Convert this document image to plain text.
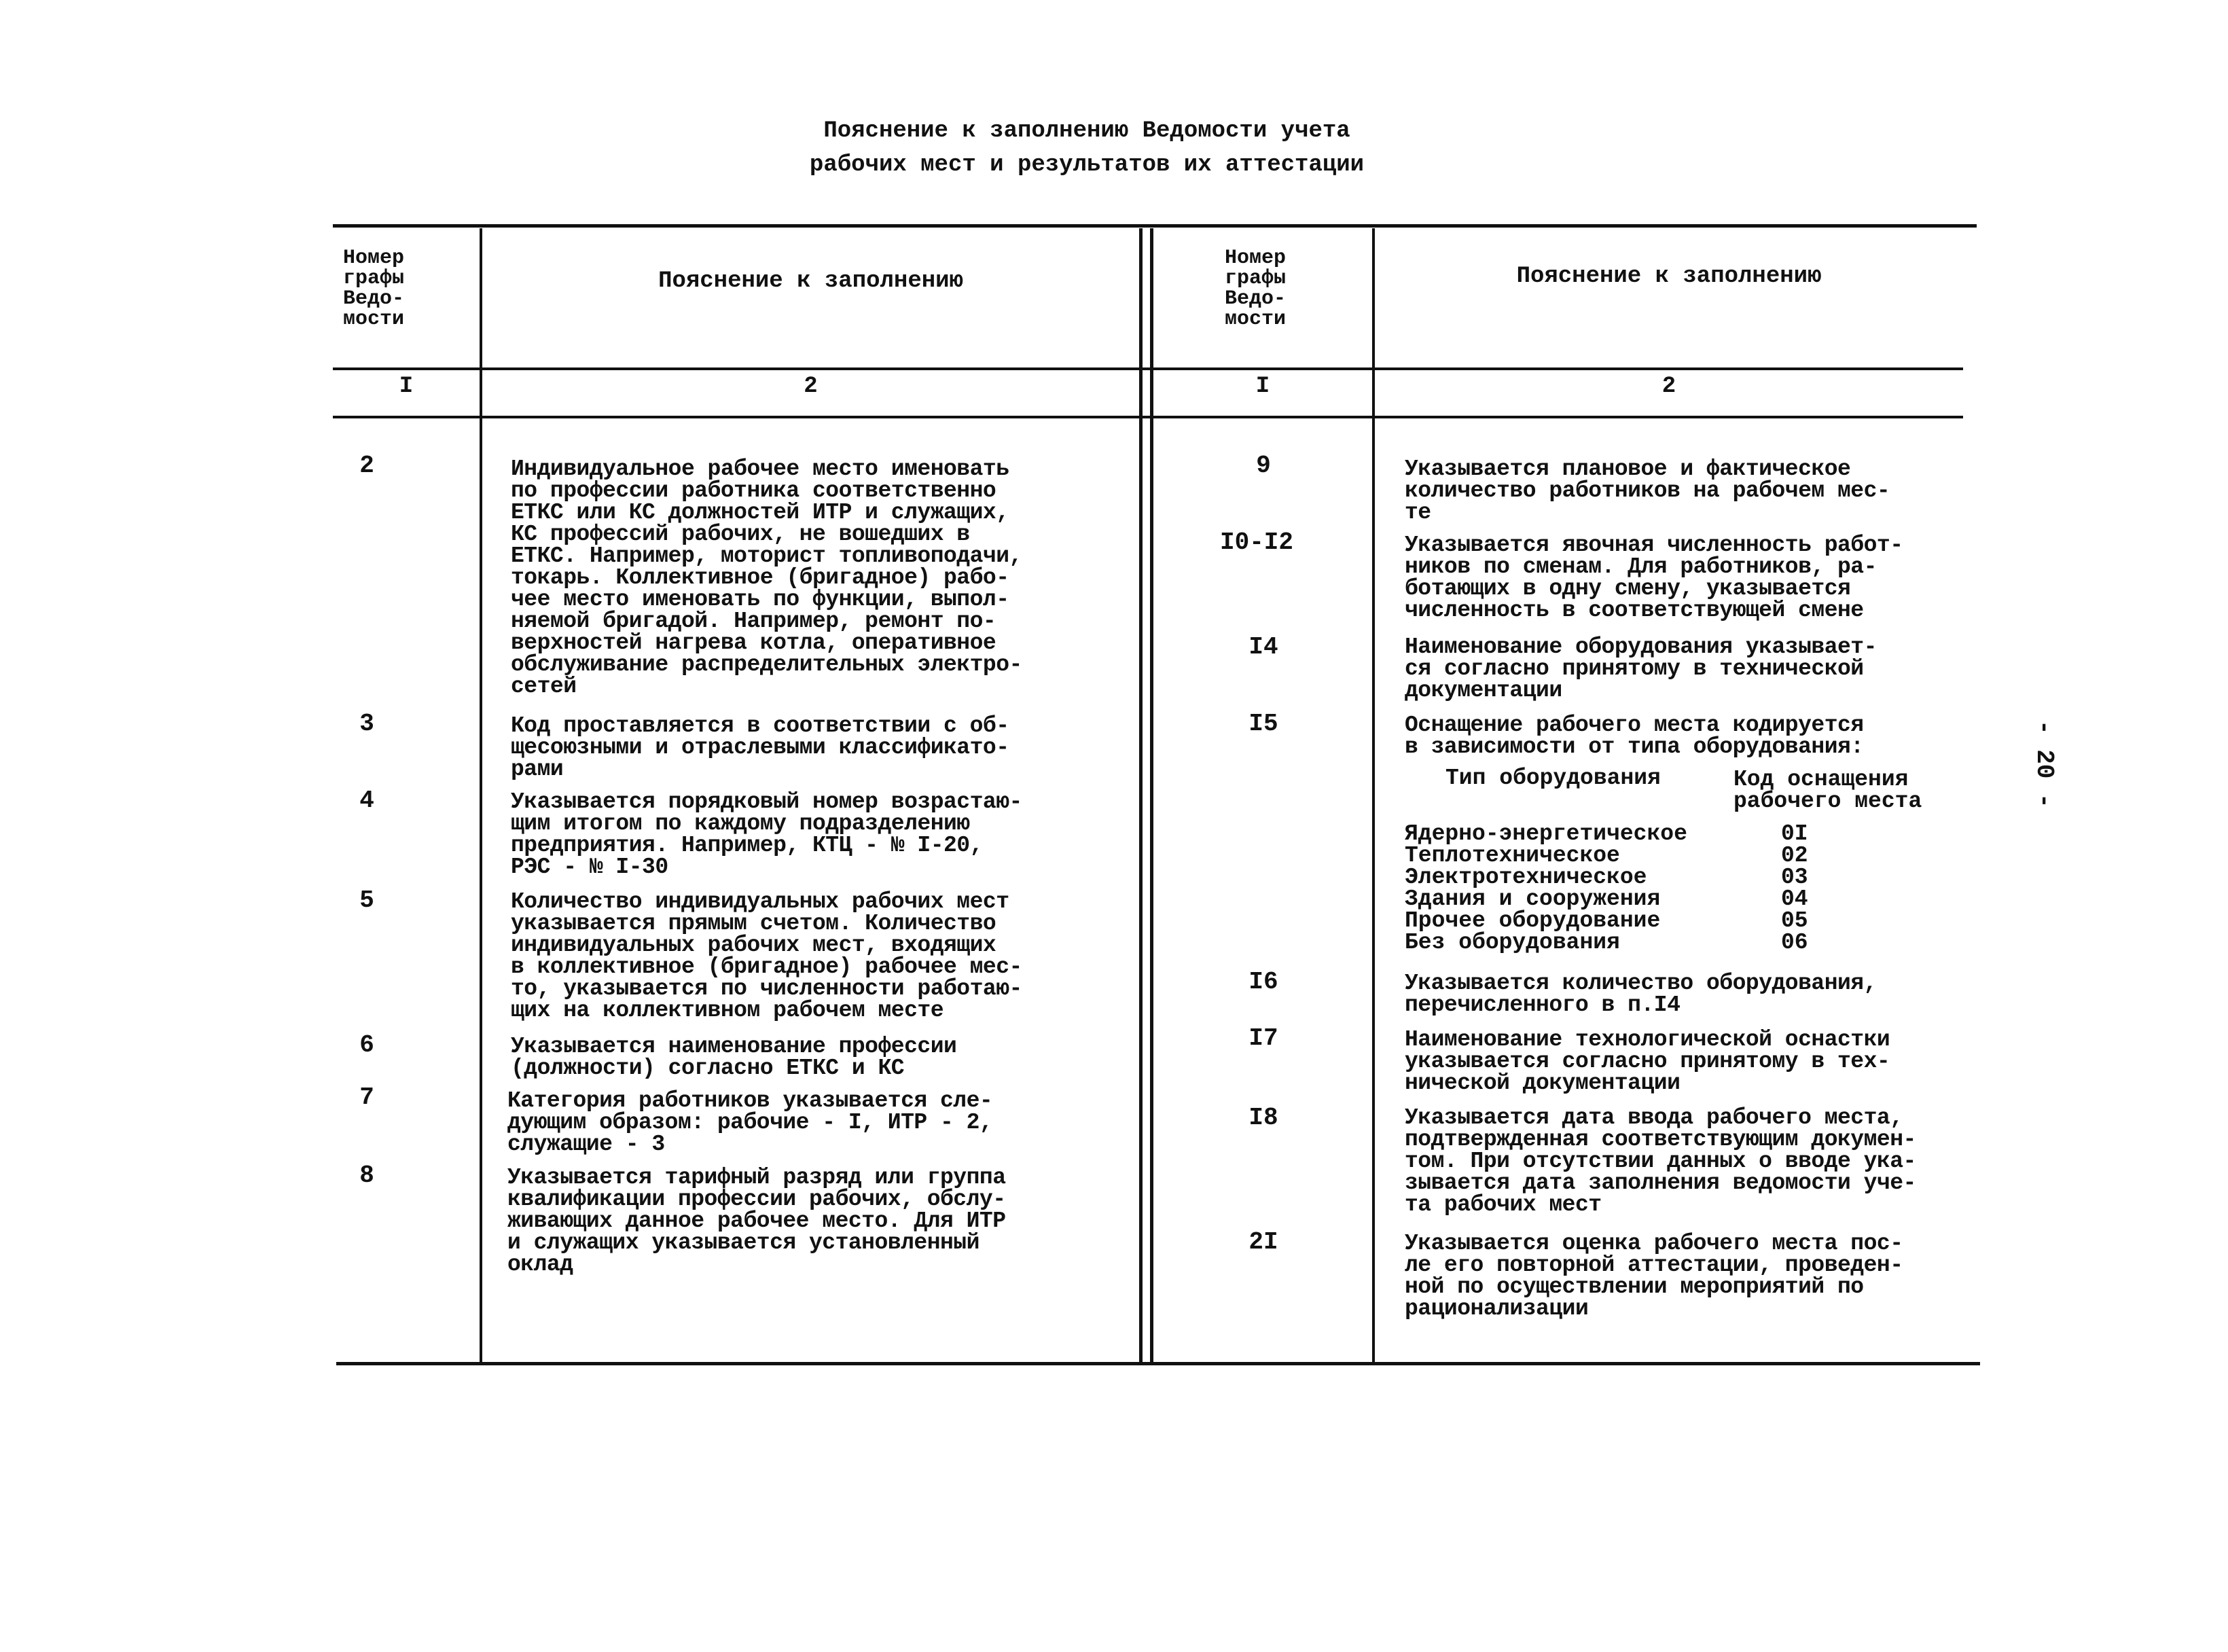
Пояснение к заполнению Ведомости учета
рабочих мест и результатов их аттестации
- 20 -
Номер
графы
Ведо-
мости
Пояснение к заполнению
Номер
графы
Ведо-
мости
Пояснение к заполнению
I	2	I	2
2	Индивидуальное рабочее место именовать
по профессии работника соответственно
ЕТКС или КС должностей ИТР и служащих,
КС профессий рабочих, не вошедших в
ЕТКС. Например, моторист топливоподачи,
токарь. Коллективное (бригадное) рабо-
чее место именовать по функции, выпол-
няемой бригадой. Например, ремонт по-
верхностей нагрева котла, оперативное
обслуживание распределительных электро-
сетей
3	Код проставляется в соответствии с об-
щесоюзными и отраслевыми классификато-
рами
4	Указывается порядковый номер возрастаю-
щим итогом по каждому подразделению
предприятия. Например, КТЦ - № I-20,
РЭС - № I-30
5	Количество индивидуальных рабочих мест
указывается прямым счетом. Количество
индивидуальных рабочих мест, входящих
в коллективное (бригадное) рабочее мес-
то, указывается по численности работаю-
щих на коллективном рабочем месте
6	Указывается наименование профессии
(должности) согласно ЕТКС и КС
7	Категория работников указывается сле-
дующим образом: рабочие - I, ИТР - 2,
служащие - 3
8	Указывается тарифный разряд или группа
квалификации профессии рабочих, обслу-
живающих данное рабочее место. Для ИТР
и служащих указывается установленный
оклад
9	Указывается плановое и фактическое
количество работников на рабочем мес-
те
I0-I2	Указывается явочная численность работ-
ников по сменам. Для работников, ра-
ботающих в одну смену, указывается
численность в соответствующей смене
I4	Наименование оборудования указывает-
ся согласно принятому в технической
документации
I5	Оснащение рабочего места кодируется
в зависимости от типа оборудования:
Тип оборудования	Код оснащения
рабочего места
Ядерно-энергетическое	0I
Теплотехническое	02
Электротехническое	03
Здания и сооружения	04
Прочее оборудование	05
Без оборудования	06
I6	Указывается количество оборудования,
перечисленного в п.I4
I7	Наименование технологической оснастки
указывается согласно принятому в тех-
нической документации
I8	Указывается дата ввода рабочего места,
подтвержденная соответствующим докумен-
том. При отсутствии данных о вводе ука-
зывается дата заполнения ведомости уче-
та рабочих мест
2I	Указывается оценка рабочего места пос-
ле его повторной аттестации, проведен-
ной по осуществлении мероприятий по
рационализации
